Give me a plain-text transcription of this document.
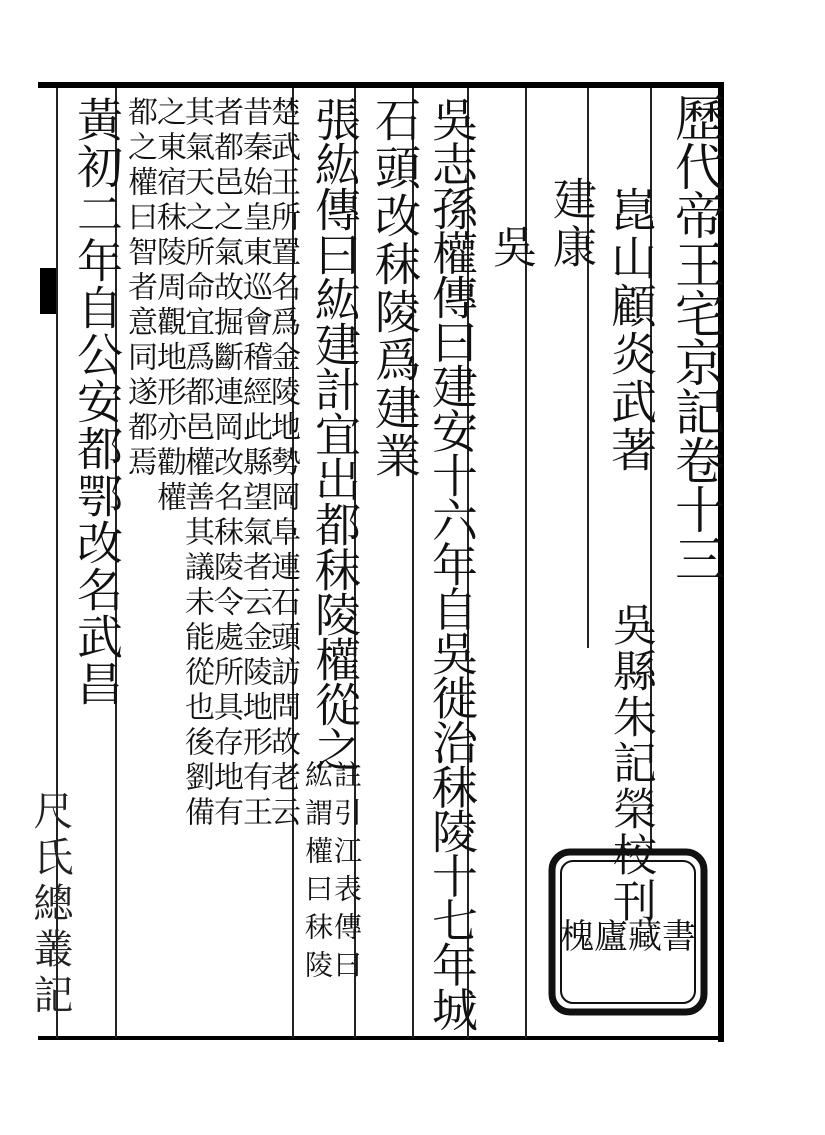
歷代帝王宅京記卷十三
崑山顧炎武著
吳縣朱記榮校刊
建康
吳
吳志孫權傳曰建安十六年自吳徙治秣陵十七年城
石頭改秣陵爲建業
張紘傳曰紘建計宜出都秣陵權從之
註引江表傳曰
紘謂權曰秣陵
楚武王所置名爲金陵地勢岡阜連石頭訪問故老云
昔秦始皇東巡會稽經此縣望氣者云金陵地形有王
者都邑之氣故掘斷連岡改名秣陵令處所具存地有
其氣天之所命宜爲都邑權善其議未能從也後劉備
之東宿秣陵周觀地形亦勸權
都之權曰智者意同遂都焉
黃初二年自公安都鄂改名武昌
尺氏總叢記	槐廬藏書
